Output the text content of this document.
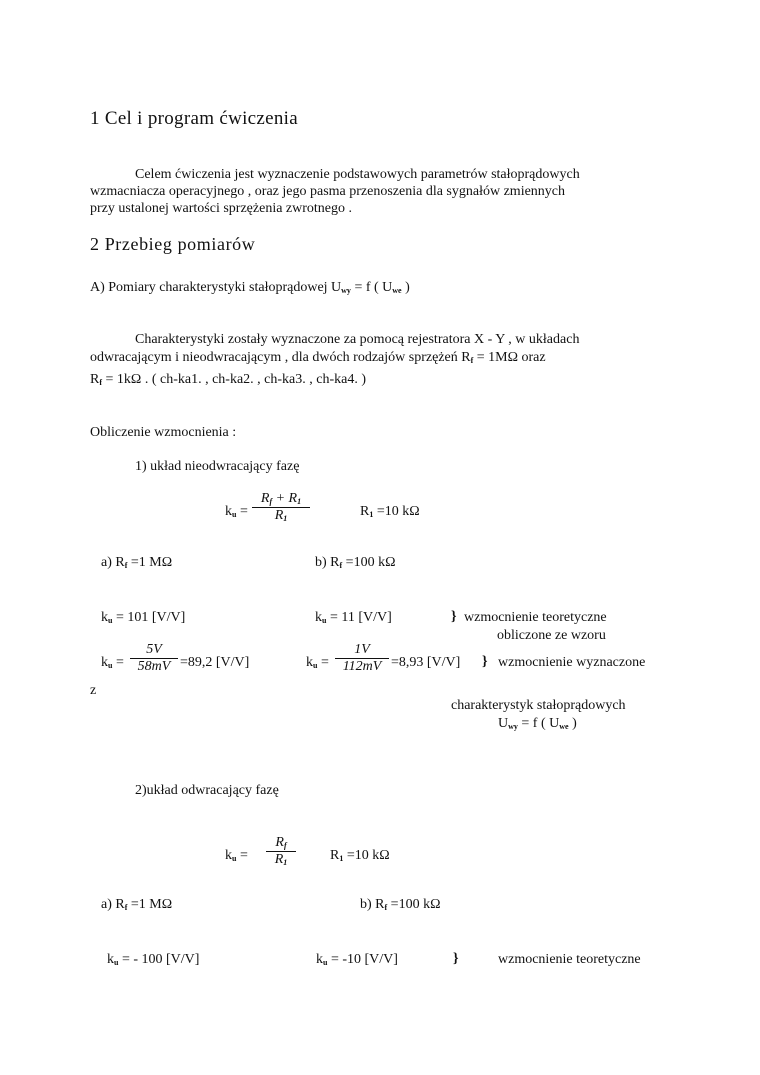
1 Cel i program ćwiczenia
Celem ćwiczenia jest wyznaczenie podstawowych parametrów stałoprądowych
wzmacniacza operacyjnego , oraz jego pasma przenoszenia dla sygnałów zmiennych
przy ustalonej wartości sprzężenia zwrotnego .
2 Przebieg pomiarów
A) Pomiary charakterystyki stałoprądowej $U_{wy} = f$ ( $U_{we}$ )
Charakterystyki zostały wyznaczone za pomocą rejestratora X - Y , w układach
odwracającym i nieodwracającym , dla dwóch rodzajów sprzężeń $R_f = 1M\Omega$ oraz
$R_f = 1k\Omega$ . ( ch-ka1. , ch-ka2. , ch-ka3. , ch-ka4. )
Obliczenie wzmocnienia :
1) układ nieodwracający fazę
$k_u = \frac{R_f + R_1}{R_1}$	$R_1 =10$ kΩ
a) $R_f =1$ MΩ	b) $R_f =100$ kΩ
$k_u = 101$ [V/V]	$k_u = 11$ [V/V]	} wzmocnienie teoretyczne
obliczone ze wzoru
$k_u = \frac{5V}{58mV} =89,2$ [V/V]	$k_u = \frac{1V}{112mV} =8,93$ [V/V] } wzmocnienie wyznaczone
z
charakterystyk stałoprądowych
$U_{wy} = f$ ( $U_{we}$ )
2)układ odwracający fazę
$k_u = \frac{R_f}{R_1} R_1 =10$ kΩ
a) $R_f =1$ MΩ	b) $R_f =100$ kΩ
$k_u$ = - 100 [V/V]	$k_u = -10$ [V/V]	}	wzmocnienie teoretyczne
